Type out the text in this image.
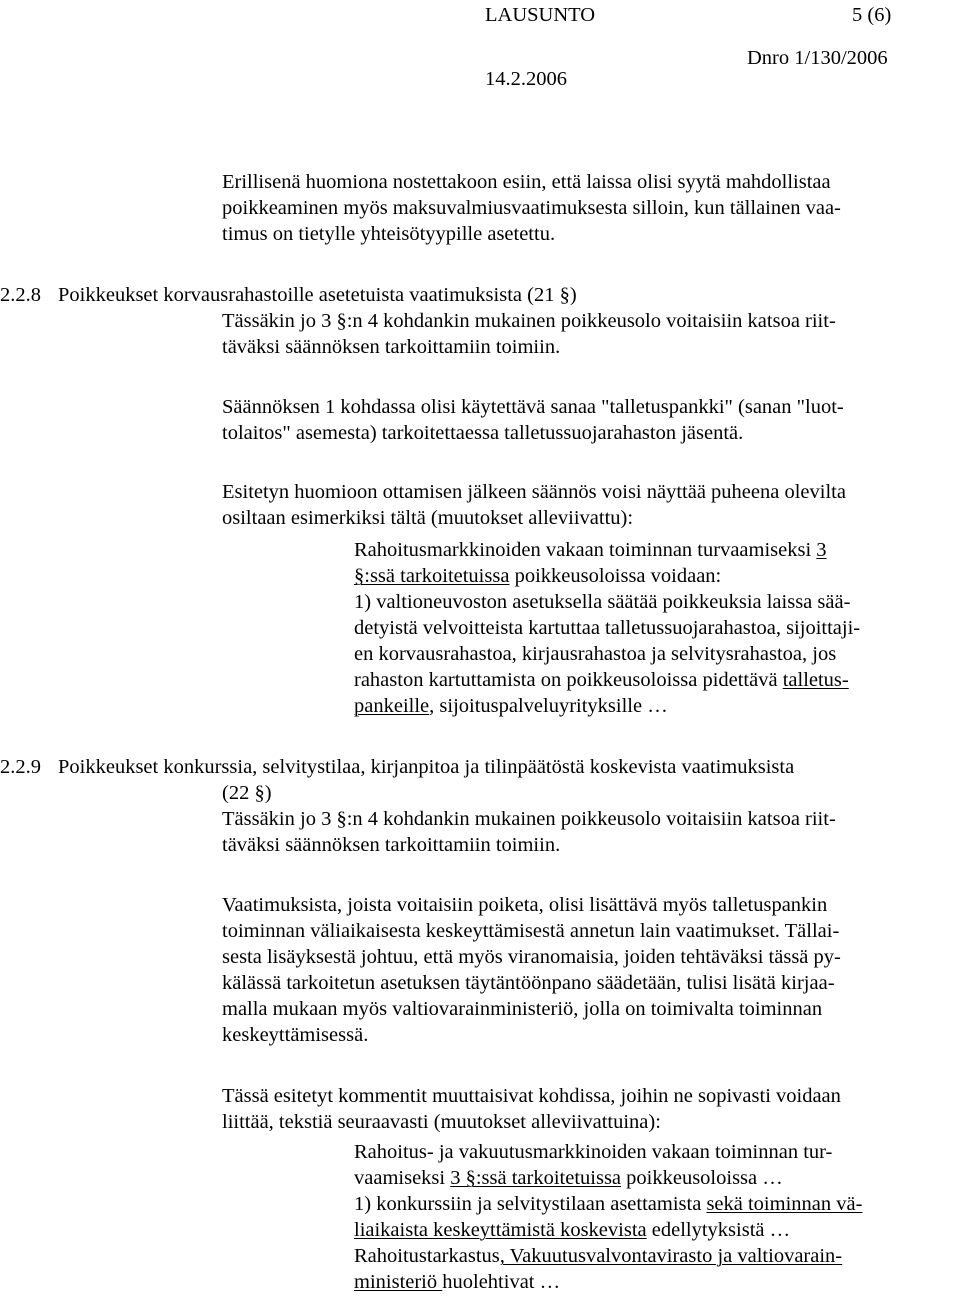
LAUSUNTO	5 (6)
Dnro 1/130/2006
14.2.2006
Erillisenä huomiona nostettakoon esiin, että laissa olisi syytä mahdollistaa
poikkeaminen myös maksuvalmiusvaatimuksesta silloin, kun tällainen vaa-
timus on tietylle yhteisötyypille asetettu.
2.2.8 Poikkeukset korvausrahastoille asetetuista vaatimuksista (21 §)
Tässäkin jo 3 §:n 4 kohdankin mukainen poikkeusolo voitaisiin katsoa riit-
täväksi säännöksen tarkoittamiin toimiin.
Säännöksen 1 kohdassa olisi käytettävä sanaa "talletuspankki" (sanan "luot-
tolaitos" asemesta) tarkoitettaessa talletussuojarahaston jäsentä.
Esitetyn huomioon ottamisen jälkeen säännös voisi näyttää puheena olevilta
osiltaan esimerkiksi tältä (muutokset alleviivattu):
Rahoitusmarkkinoiden vakaan toiminnan turvaamiseksi 3
§:ssä tarkoitetuissa poikkeusoloissa voidaan:
1) valtioneuvoston asetuksella säätää poikkeuksia laissa sää-
detyistä velvoitteista kartuttaa talletussuojarahastoa, sijoittaji-
en korvausrahastoa, kirjausrahastoa ja selvitysrahastoa, jos
rahaston kartuttamista on poikkeusoloissa pidettävä talletus-
pankeille, sijoituspalveluyrityksille …
2.2.9 Poikkeukset konkurssia, selvitystilaa, kirjanpitoa ja tilinpäätöstä koskevista vaatimuksista
(22 §)
Tässäkin jo 3 §:n 4 kohdankin mukainen poikkeusolo voitaisiin katsoa riit-
täväksi säännöksen tarkoittamiin toimiin.
Vaatimuksista, joista voitaisiin poiketa, olisi lisättävä myös talletuspankin
toiminnan väliaikaisesta keskeyttämisestä annetun lain vaatimukset. Tällai-
sesta lisäyksestä johtuu, että myös viranomaisia, joiden tehtäväksi tässä py-
kälässä tarkoitetun asetuksen täytäntöönpano säädetään, tulisi lisätä kirjaa-
malla mukaan myös valtiovarainministeriö, jolla on toimivalta toiminnan
keskeyttämisessä.
Tässä esitetyt kommentit muuttaisivat kohdissa, joihin ne sopivasti voidaan
liittää, tekstiä seuraavasti (muutokset alleviivattuina):
Rahoitus- ja vakuutusmarkkinoiden vakaan toiminnan tur-
vaamiseksi 3 §:ssä tarkoitetuissa poikkeusoloissa …
1) konkurssiin ja selvitystilaan asettamista sekä toiminnan vä-
liaikaista keskeyttämistä koskevista edellytyksistä …
Rahoitustarkastus, Vakuutusvalvontavirasto ja valtiovarain-
ministeriö huolehtivat …
